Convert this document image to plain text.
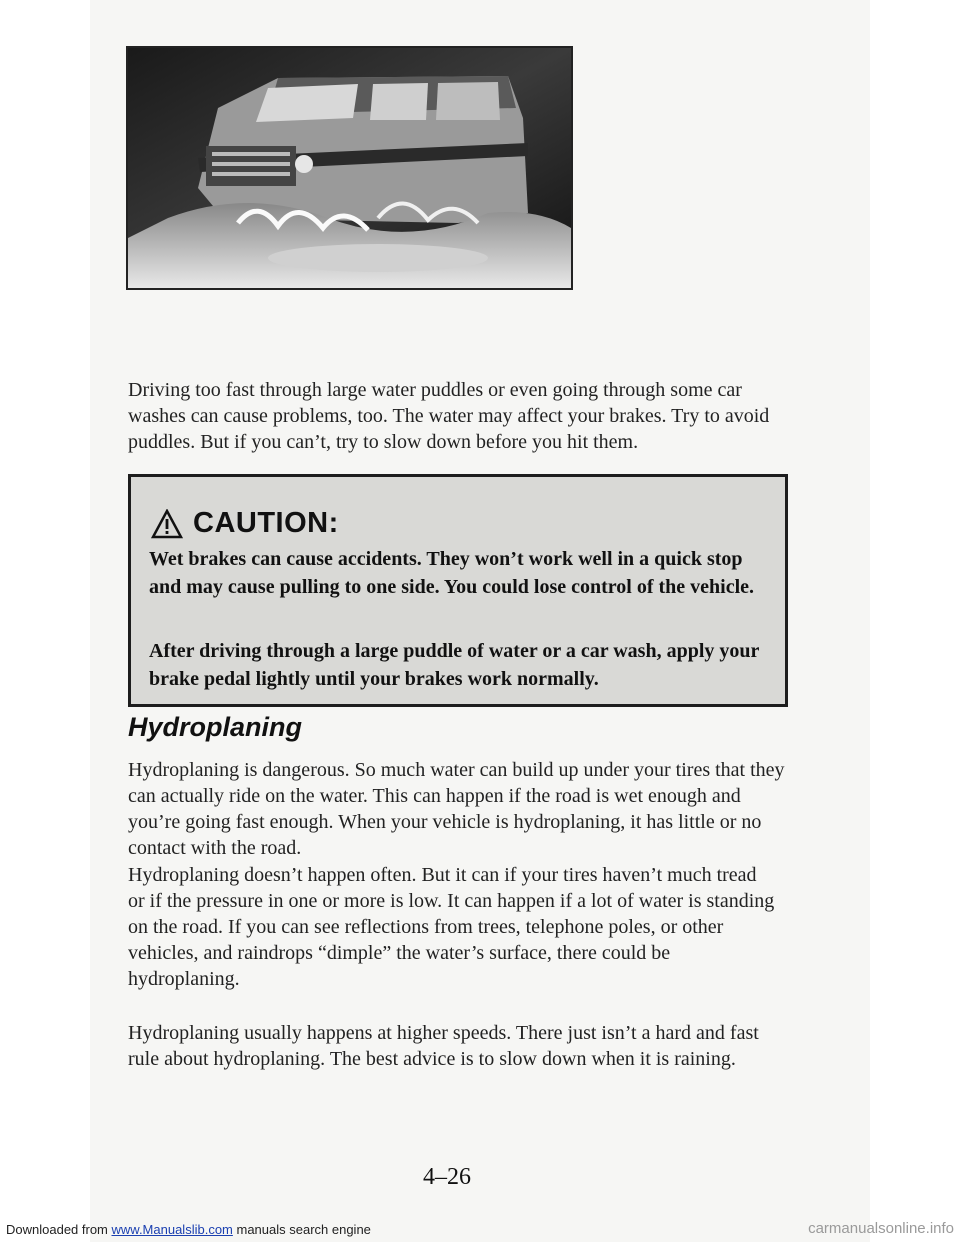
Driving too fast through large water puddles or even going through some car washes can cause problems, too. The water may affect your brakes. Try to avoid puddles. But if you can’t, try to slow down before you hit them.

CAUTION:

Wet brakes can cause accidents. They won’t work well in a quick stop and may cause pulling to one side. You could lose control of the vehicle.

After driving through a large puddle of water or a car wash, apply your brake pedal lightly until your brakes work normally.

Hydroplaning

Hydroplaning is dangerous. So much water can build up under your tires that they can actually ride on the water. This can happen if the road is wet enough and you’re going fast enough. When your vehicle is hydroplaning, it has little or no contact with the road.

Hydroplaning doesn’t happen often. But it can if your tires haven’t much tread or if the pressure in one or more is low. It can happen if a lot of water is standing on the road. If you can see reflections from trees, telephone poles, or other vehicles, and raindrops “dimple” the water’s surface, there could be hydroplaning.

Hydroplaning usually happens at higher speeds. There just isn’t a hard and fast rule about hydroplaning. The best advice is to slow down when it is raining.

4–26

Downloaded from www.Manualslib.com manuals search engine	carmanualsonline.info
